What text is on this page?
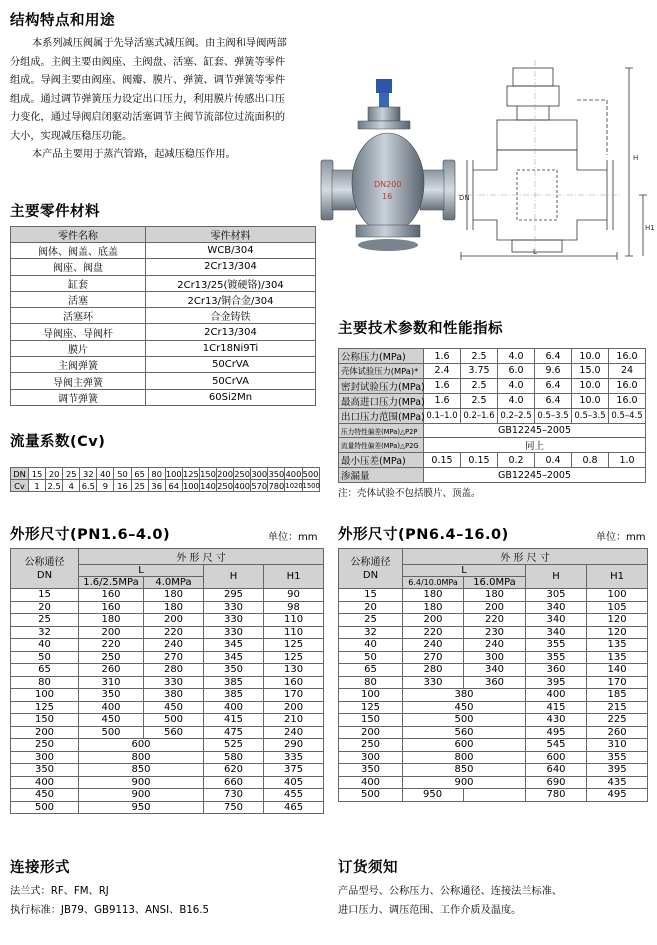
结构特点和用途
本系列减压阀属于先导活塞式减压阀。由主阀和导阀两部
分组成。主阀主要由阀座、主阀盘、活塞、缸套、弹簧等零件
组成。导阀主要由阀座、阀瓣、膜片、弹簧、调节弹簧等零件
组成。通过调节弹簧压力设定出口压力，利用膜片传感出口压
力变化，通过导阀启闭驱动活塞调节主阀节流部位过流面积的
大小，实现减压稳压功能。
本产品主要用于蒸汽管路，起减压稳压作用。
DN200
16
L
H
H1
DN
主要零件材料
零件名称	零件材料
阀体、阀盖、底盖	WCB/304
阀座、阀盘	2Cr13/304
缸套	2Cr13/25(镀硬铬)/304
活塞	2Cr13/铜合金/304
活塞环	合金铸铁
导阀座、导阀杆	2Cr13/304
膜片	1Cr18Ni9Ti
主阀弹簧	50CrVA
导阀主弹簧	50CrVA
调节弹簧	60Si2Mn
主要技术参数和性能指标
公称压力(MPa)	1.6	2.5	4.0	6.4	10.0	16.0
壳体试验压力(MPa)*	2.4	3.75	6.0	9.6	15.0	24
密封试验压力(MPa)	1.6	2.5	4.0	6.4	10.0	16.0
最高进口压力(MPa)	1.6	2.5	4.0	6.4	10.0	16.0
出口压力范围(MPa)	0.1–1.0	0.2–1.6	0.2–2.5	0.5–3.5	0.5–3.5	0.5–4.5
压力特性偏差(MPa)△P2P	GB12245–2005					
流量特性偏差(MPa)△P2G	同上					
最小压差(MPa)	0.15	0.15	0.2	0.4	0.8	1.0
渗漏量	GB12245–2005					
注：壳体试验不包括膜片、顶盖。
流量系数(Cv)
DN	15	20	25	32	40	50	65	80	100	125	150	200	250	300	350	400	500
Cv	1	2.5	4	6.5	9	16	25	36	64	100	140	250	400	570	780	1020	1500
外形尺寸(PN1.6–4.0)	单位：mm
公称通径
DN	外 形 尺 寸			
	L		H	H1
	1.6/2.5MPa	4.0MPa		
15	160	180	295	90
20	160	180	330	98
25	180	200	330	110
32	200	220	330	110
40	220	240	345	125
50	250	270	345	125
65	260	280	350	130
80	310	330	385	160
100	350	380	385	170
125	400	450	400	200
150	450	500	415	210
200	500	560	475	240
250	600		525	290
300	800		580	335
350	850		620	375
400	900		660	405
450	900		730	455
500	950		750	465
外形尺寸(PN6.4–16.0)	单位：mm
公称通径
DN	外 形 尺 寸			
	L		H	H1
	6.4/10.0MPa	16.0MPa		
15	180	180	305	100
20	180	200	340	105
25	200	220	340	120
32	220	230	340	120
40	240	240	355	135
50	270	300	355	135
65	280	340	360	140
80	330	360	395	170
100	380		400	185
125	450		415	215
150	500		430	225
200	560		495	260
250	600		545	310
300	800		600	355
350	850		640	395
400	900		690	435
500	950		780	495
连接形式
法兰式：RF、FM、RJ
执行标准：JB79、GB9113、ANSI、B16.5
订货须知
产品型号、公称压力、公称通径、连接法兰标准、
进口压力、调压范围、工作介质及温度。
